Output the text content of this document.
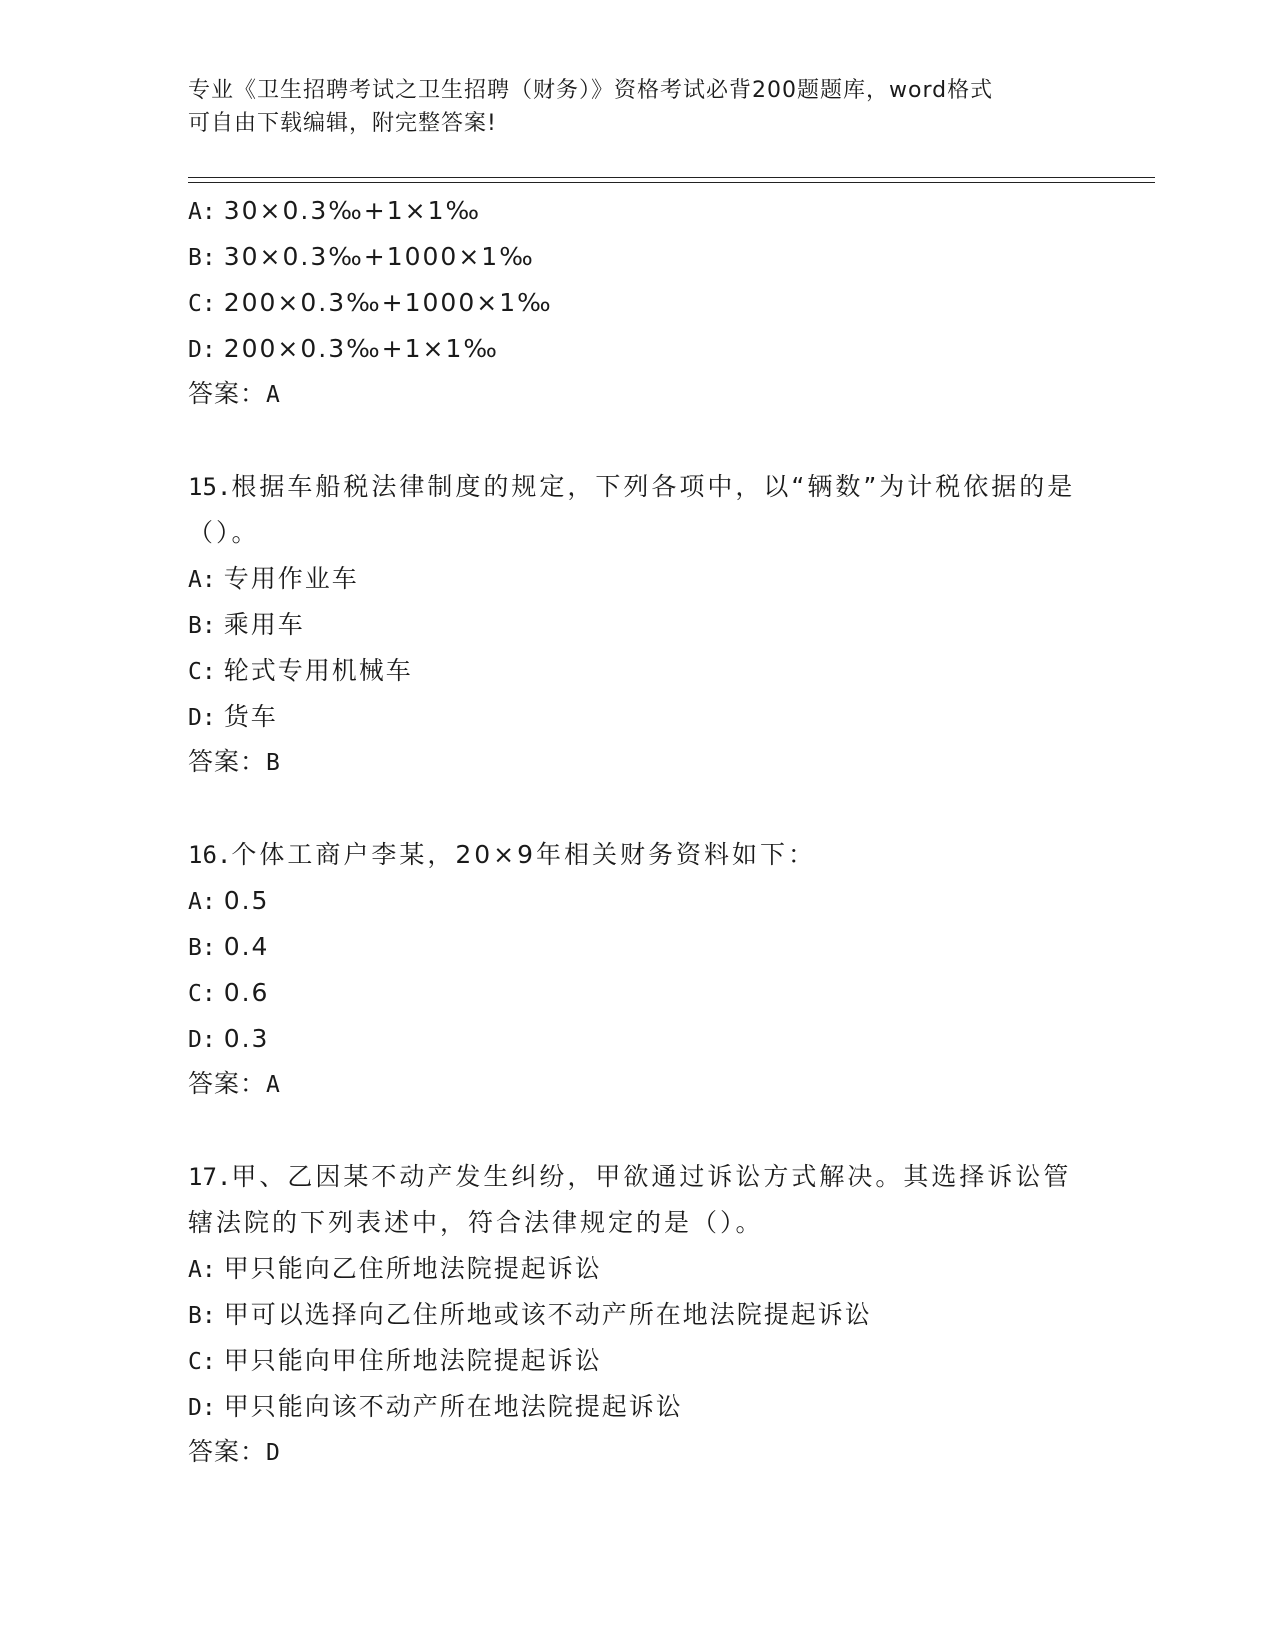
专业《卫生招聘考试之卫生招聘（财务）》资格考试必背200题题库，word格式
可自由下载编辑，附完整答案!
A: 30×0.3‰+1×1‰
B: 30×0.3‰+1000×1‰
C: 200×0.3‰+1000×1‰
D: 200×0.3‰+1×1‰
答案：A
15.根据车船税法律制度的规定，下列各项中，以“辆数”为计税依据的是（）。
A: 专用作业车
B: 乘用车
C: 轮式专用机械车
D: 货车
答案：B
16.个体工商户李某，20×9年相关财务资料如下：
A: 0.5
B: 0.4
C: 0.6
D: 0.3
答案：A
17.甲、乙因某不动产发生纠纷，甲欲通过诉讼方式解决。其选择诉讼管辖法院的下列表述中，符合法律规定的是（）。
A: 甲只能向乙住所地法院提起诉讼
B: 甲可以选择向乙住所地或该不动产所在地法院提起诉讼
C: 甲只能向甲住所地法院提起诉讼
D: 甲只能向该不动产所在地法院提起诉讼
答案：D
